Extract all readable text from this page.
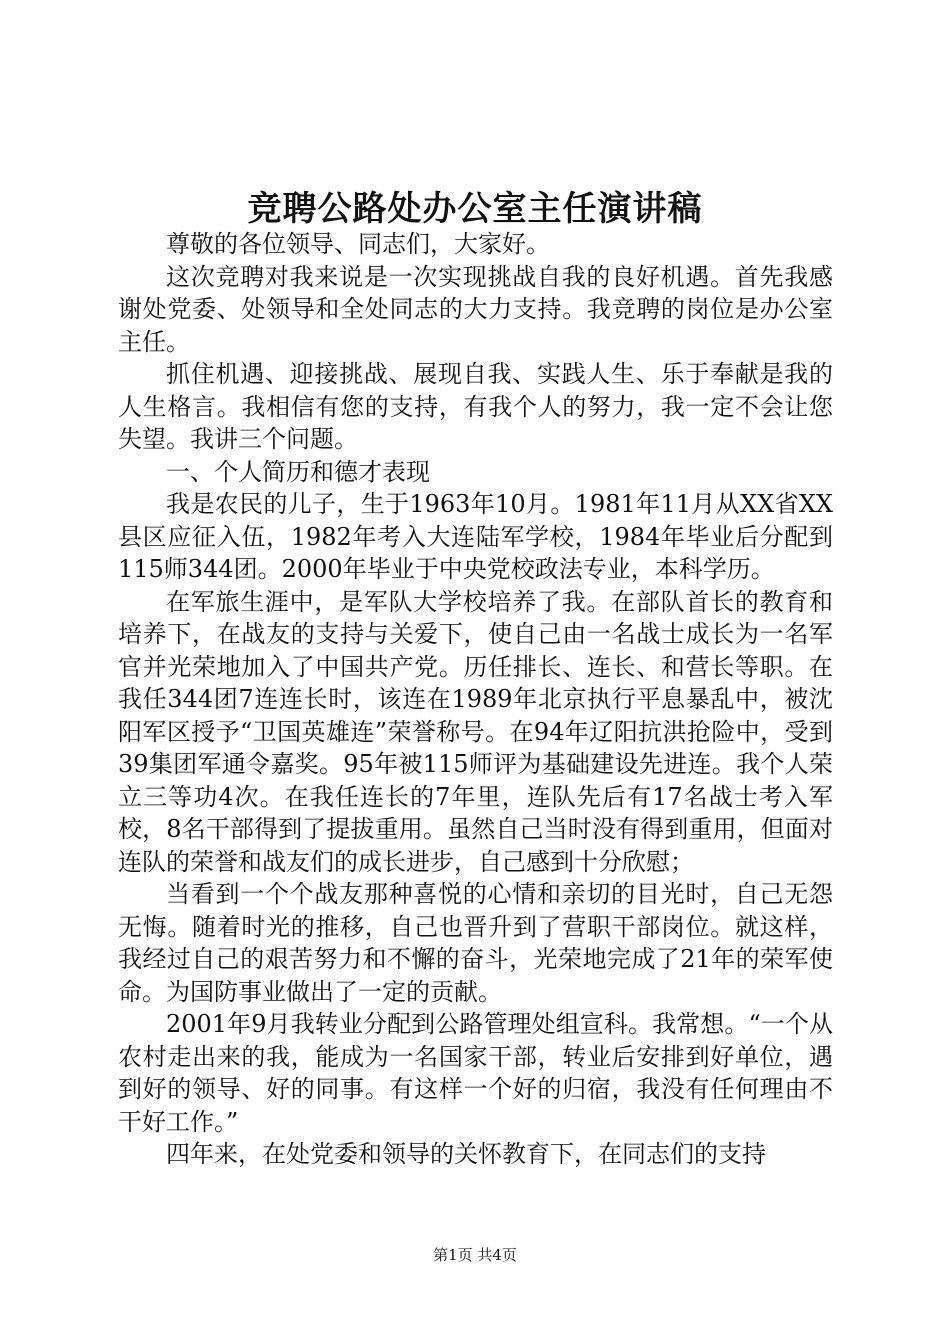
竞聘公路处办公室主任演讲稿

尊敬的各位领导、同志们，大家好。

这次竞聘对我来说是一次实现挑战自我的良好机遇。首先我感谢处党委、处领导和全处同志的大力支持。我竞聘的岗位是办公室主任。

抓住机遇、迎接挑战、展现自我、实践人生、乐于奉献是我的人生格言。我相信有您的支持，有我个人的努力，我一定不会让您失望。我讲三个问题。

一、个人简历和德才表现

我是农民的儿子，生于1963年10月。1981年11月从XX省XX县区应征入伍，1982年考入大连陆军学校，1984年毕业后分配到115师344团。2000年毕业于中央党校政法专业，本科学历。

在军旅生涯中，是军队大学校培养了我。在部队首长的教育和培养下，在战友的支持与关爱下，使自己由一名战士成长为一名军官并光荣地加入了中国共产党。历任排长、连长、和营长等职。在我任344团7连连长时，该连在1989年北京执行平息暴乱中，被沈阳军区授予“卫国英雄连”荣誉称号。在94年辽阳抗洪抢险中，受到39集团军通令嘉奖。95年被115师评为基础建设先进连。我个人荣立三等功4次。在我任连长的7年里，连队先后有17名战士考入军校，8名干部得到了提拔重用。虽然自己当时没有得到重用，但面对连队的荣誉和战友们的成长进步，自己感到十分欣慰；

当看到一个个战友那种喜悦的心情和亲切的目光时，自己无怨无悔。随着时光的推移，自己也晋升到了营职干部岗位。就这样，我经过自己的艰苦努力和不懈的奋斗，光荣地完成了21年的荣军使命。为国防事业做出了一定的贡献。

2001年9月我转业分配到公路管理处组宣科。我常想。“一个从农村走出来的我，能成为一名国家干部，转业后安排到好单位，遇到好的领导、好的同事。有这样一个好的归宿，我没有任何理由不干好工作。”

四年来，在处党委和领导的关怀教育下，在同志们的支持

第1页 共4页
